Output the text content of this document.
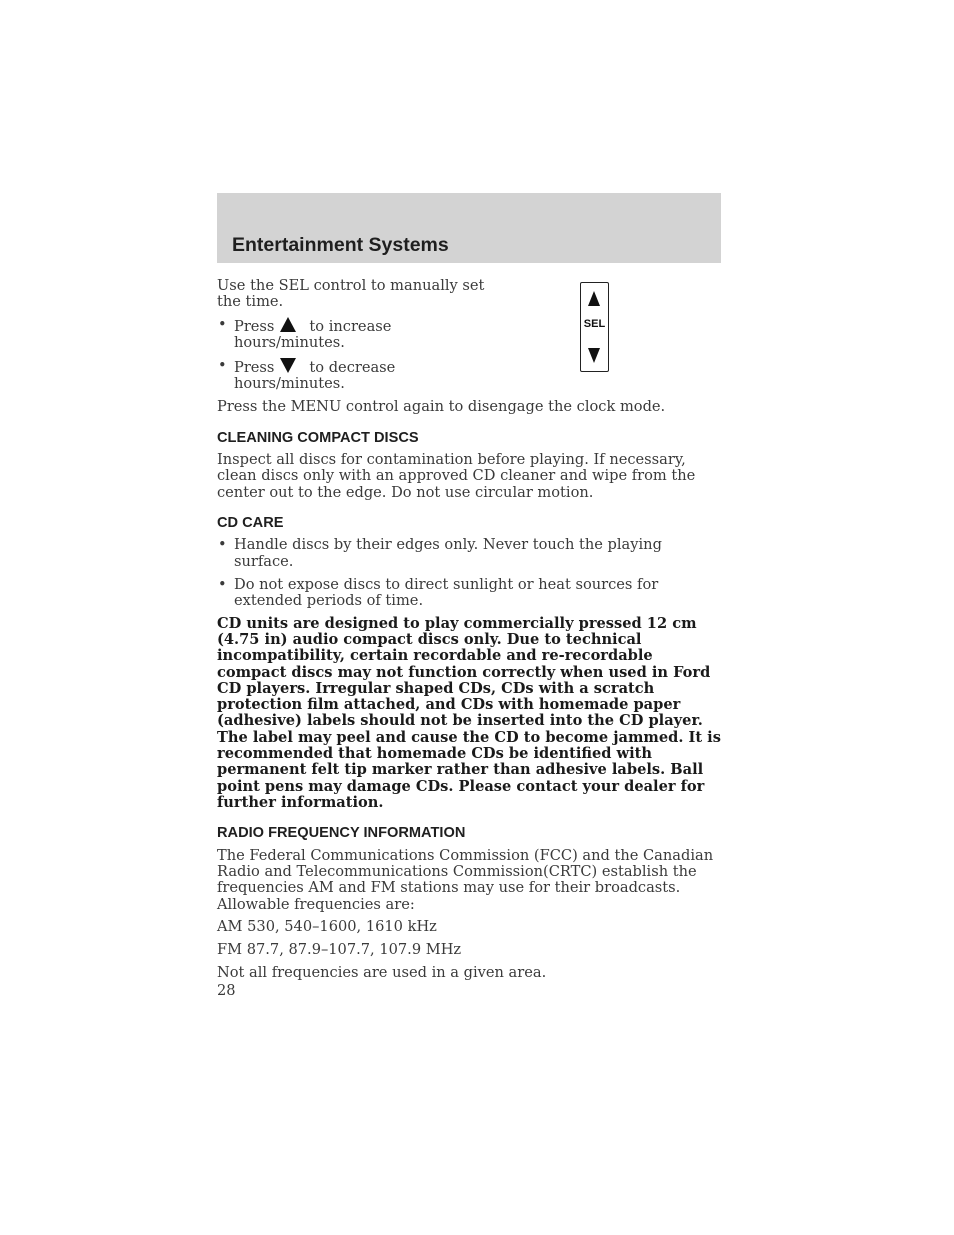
Entertainment Systems
SEL

Use the SEL control to manually set the time.

• Press to increase hours/minutes.
• Press to decrease hours/minutes.

Press the MENU control again to disengage the clock mode.

CLEANING COMPACT DISCS

Inspect all discs for contamination before playing. If necessary, clean discs only with an approved CD cleaner and wipe from the center out to the edge. Do not use circular motion.

CD CARE
• Handle discs by their edges only. Never touch the playing surface.
• Do not expose discs to direct sunlight or heat sources for extended periods of time.

CD units are designed to play commercially pressed 12 cm (4.75 in) audio compact discs only. Due to technical incompatibility, certain recordable and re-recordable compact discs may not function correctly when used in Ford CD players. Irregular shaped CDs, CDs with a scratch protection film attached, and CDs with homemade paper (adhesive) labels should not be inserted into the CD player. The label may peel and cause the CD to become jammed. It is recommended that homemade CDs be identified with permanent felt tip marker rather than adhesive labels. Ball point pens may damage CDs. Please contact your dealer for further information.

RADIO FREQUENCY INFORMATION

The Federal Communications Commission (FCC) and the Canadian Radio and Telecommunications Commission(CRTC) establish the frequencies AM and FM stations may use for their broadcasts. Allowable frequencies are:

AM 530, 540–1600, 1610 kHz

FM 87.7, 87.9–107.7, 107.9 MHz

Not all frequencies are used in a given area.

28
